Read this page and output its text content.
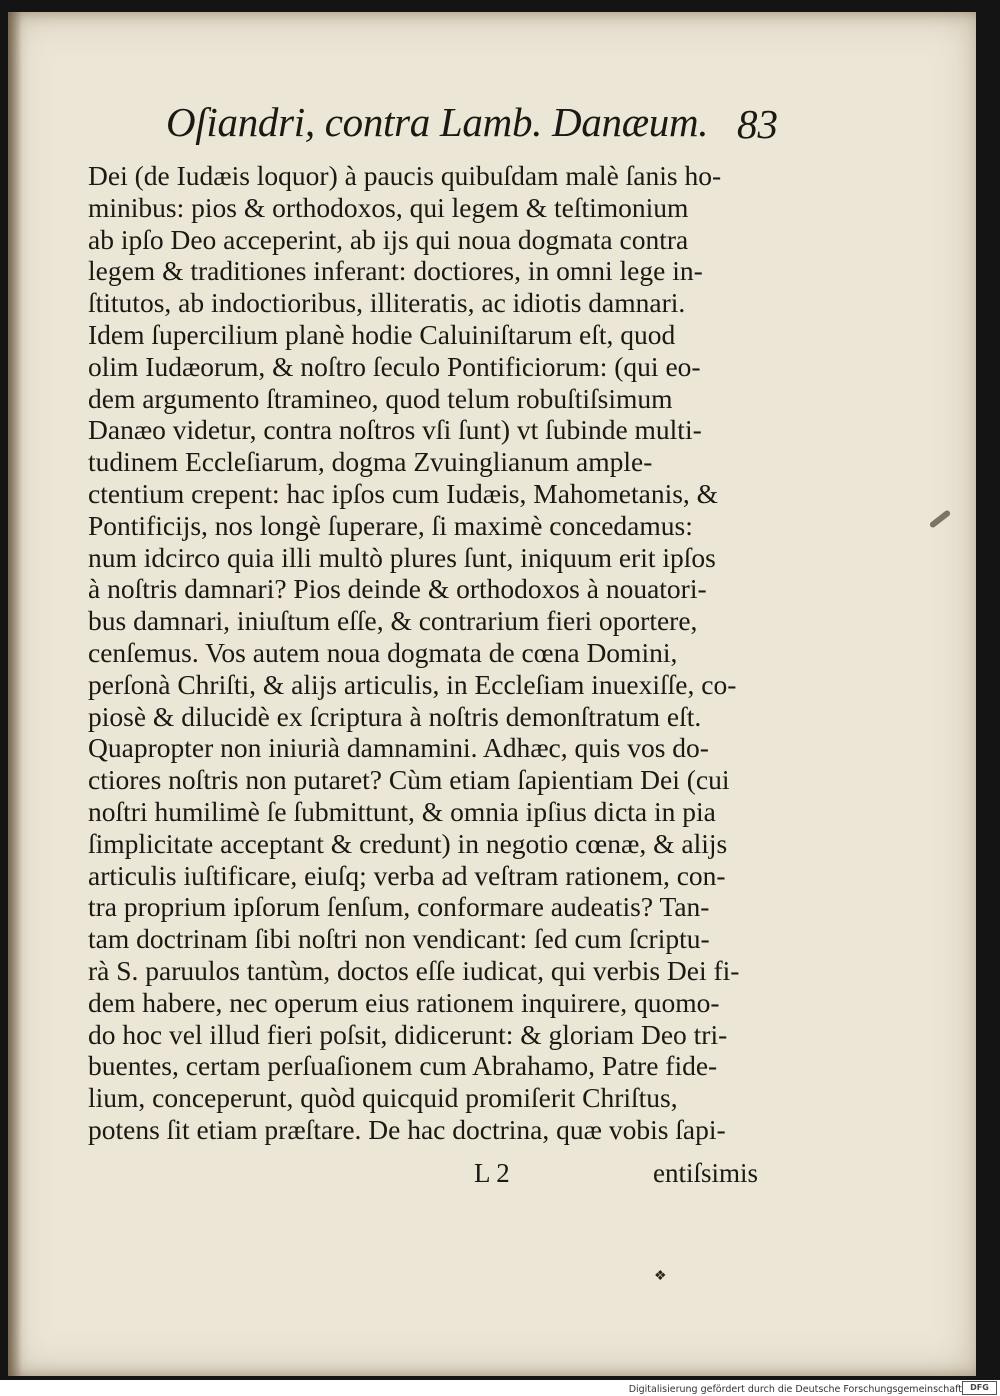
Oſiandri, contra Lamb. Danæum. 83
Dei (de Iudæis loquor) à paucis quibuſdam malè ſanis ho-
minibus: pios & orthodoxos, qui legem & teſtimonium
ab ipſo Deo acceperint, ab ijs qui noua dogmata contra
legem & traditiones inferant: doctiores, in omni lege in-
ſtitutos, ab indoctioribus, illiteratis, ac idiotis damnari.
Idem ſupercilium planè hodie Caluiniſtarum eſt, quod
olim Iudæorum, & noſtro ſeculo Pontificiorum: (qui eo-
dem argumento ſtramineo, quod telum robuſtiſsimum
Danæo videtur, contra noſtros vſi ſunt) vt ſubinde multi-
tudinem Eccleſiarum, dogma Zvuinglianum ample-
ctentium crepent: hac ipſos cum Iudæis, Mahometanis, &
Pontificijs, nos longè ſuperare, ſi maximè concedamus:
num idcirco quia illi multò plures ſunt, iniquum erit ipſos
à noſtris damnari? Pios deinde & orthodoxos à nouatori-
bus damnari, iniuſtum eſſe, & contrarium fieri oportere,
cenſemus. Vos autem noua dogmata de cœna Domini,
perſonà Chriſti, & alijs articulis, in Eccleſiam inuexiſſe, co-
piosè & dilucidè ex ſcriptura à noſtris demonſtratum eſt.
Quapropter non iniurià damnamini. Adhæc, quis vos do-
ctiores noſtris non putaret? Cùm etiam ſapientiam Dei (cui
noſtri humilimè ſe ſubmittunt, & omnia ipſius dicta in pia
ſimplicitate acceptant & credunt) in negotio cœnæ, & alijs
articulis iuſtificare, eiuſq; verba ad veſtram rationem, con-
tra proprium ipſorum ſenſum, conformare audeatis? Tan-
tam doctrinam ſibi noſtri non vendicant: ſed cum ſcriptu-
rà S. paruulos tantùm, doctos eſſe iudicat, qui verbis Dei fi-
dem habere, nec operum eius rationem inquirere, quomo-
do hoc vel illud fieri poſsit, didicerunt: & gloriam Deo tri-
buentes, certam perſuaſionem cum Abrahamo, Patre fide-
lium, conceperunt, quòd quicquid promiſerit Chriſtus,
potens ſit etiam præſtare. De hac doctrina, quæ vobis ſapi-
L 2	entiſsimis
❖
Digitalisierung gefördert durch die Deutsche Forschungsgemeinschaft	DFG
